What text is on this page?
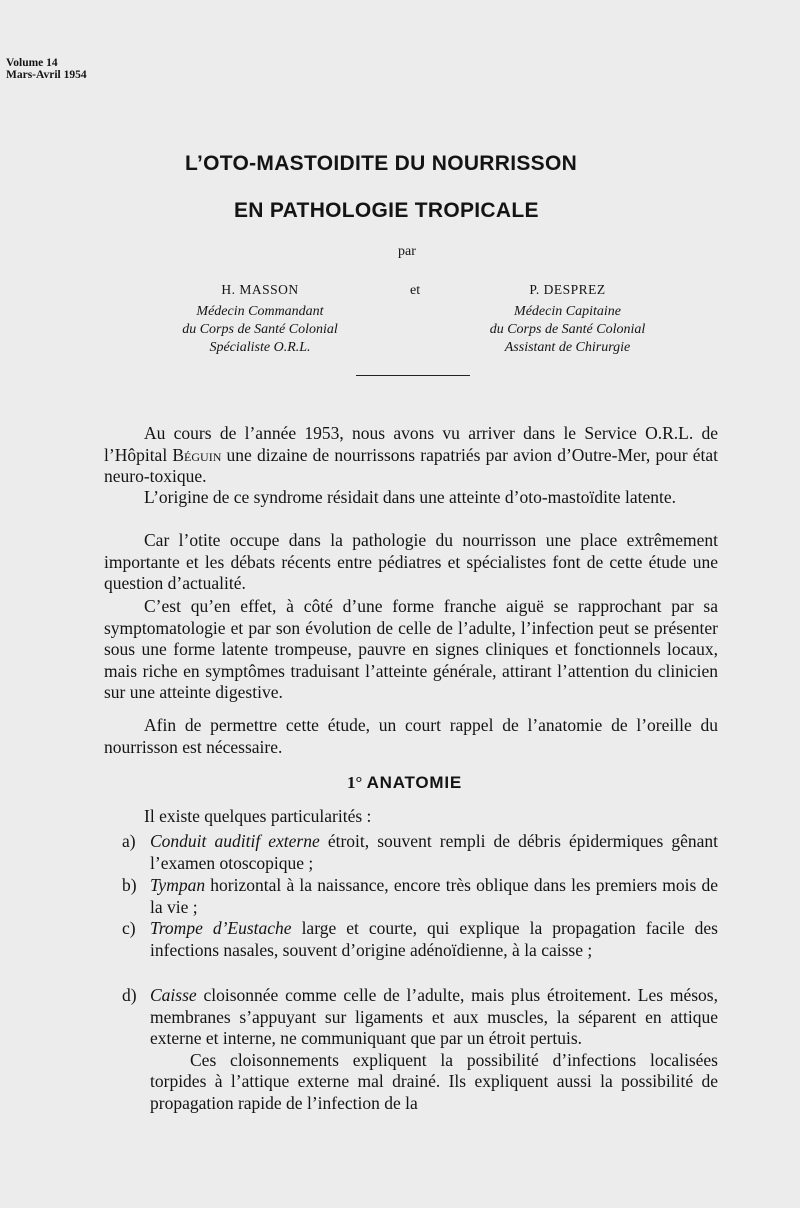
Volume 14
Mars-Avril 1954
L’OTO-MASTOIDITE DU NOURRISSON
EN PATHOLOGIE TROPICALE
par
H. MASSON
Médecin Commandant
du Corps de Santé Colonial
Spécialiste O.R.L.
et	P. DESPREZ
Médecin Capitaine
du Corps de Santé Colonial
Assistant de Chirurgie

Au cours de l’année 1953, nous avons vu arriver dans le Service O.R.L. de l’Hôpital Béguin une dizaine de nourrissons rapatriés par avion d’Outre-Mer, pour état neuro-toxique.

L’origine de ce syndrome résidait dans une atteinte d’oto-mastoïdite latente.

Car l’otite occupe dans la pathologie du nourrisson une place extrêmement importante et les débats récents entre pédiatres et spécialistes font de cette étude une question d’actualité.

C’est qu’en effet, à côté d’une forme franche aiguë se rapprochant par sa symptomatologie et par son évolution de celle de l’adulte, l’infection peut se présenter sous une forme latente trompeuse, pauvre en signes cliniques et fonctionnels locaux, mais riche en symptômes traduisant l’atteinte générale, attirant l’attention du clinicien sur une atteinte digestive.

Afin de permettre cette étude, un court rappel de l’anatomie de l’oreille du nourrisson est nécessaire.

1° ANATOMIE
Il existe quelques particularités :
a) Conduit auditif externe étroit, souvent rempli de débris épidermiques gênant l’examen otoscopique ;

b) Tympan horizontal à la naissance, encore très oblique dans les premiers mois de la vie ;

c) Trompe d’Eustache large et courte, qui explique la propagation facile des infections nasales, souvent d’origine adénoïdienne, à la caisse ;

d) Caisse cloisonnée comme celle de l’adulte, mais plus étroitement. Les mésos, membranes s’appuyant sur ligaments et aux muscles, la séparent en attique externe et interne, ne communiquant que par un étroit pertuis.

Ces cloisonnements expliquent la possibilité d’infections localisées torpides à l’attique externe mal drainé. Ils expliquent aussi la possibilité de propagation rapide de l’infection de la
